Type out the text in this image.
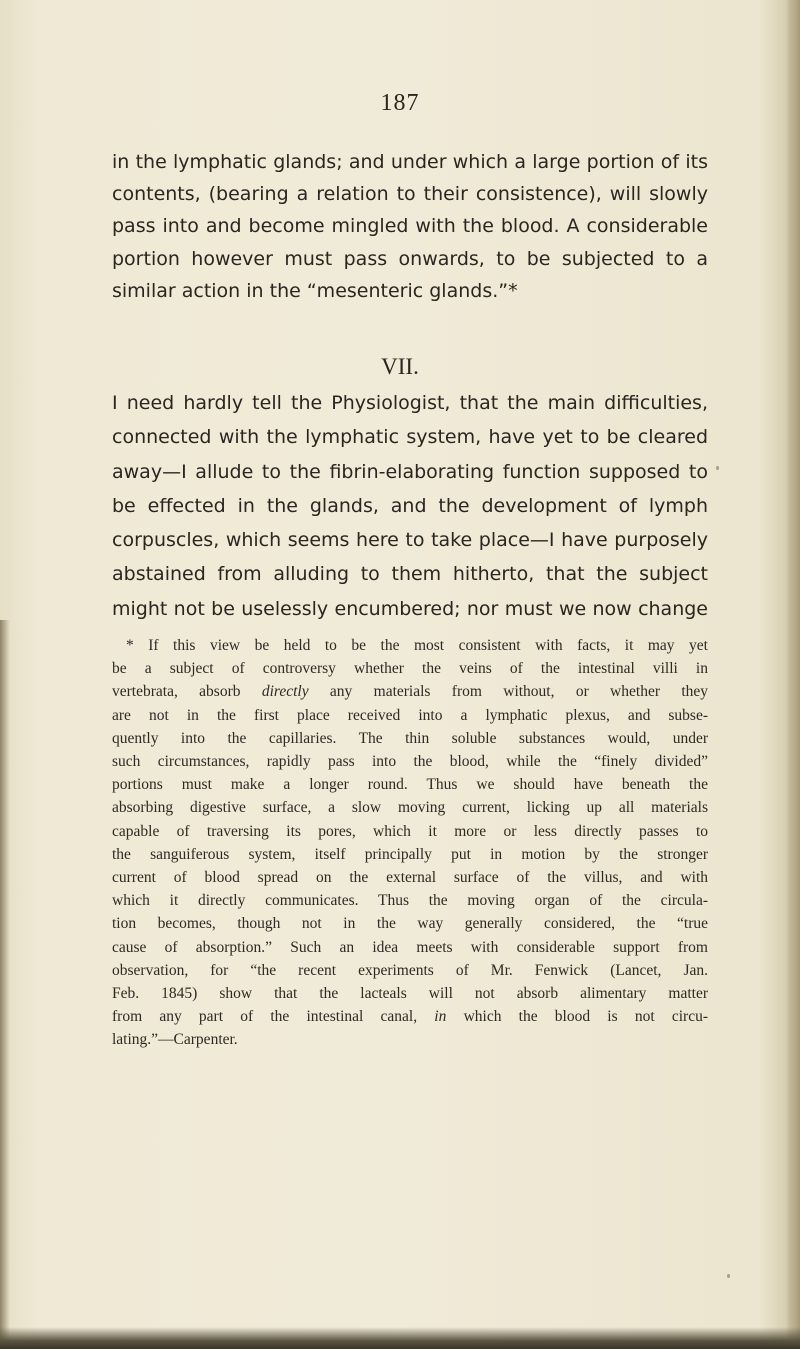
187
in the lymphatic glands; and under which a large portion of its
contents, (bearing a relation to their consistence), will slowly
pass into and become mingled with the blood. A considerable
portion however must pass onwards, to be subjected to a
similar action in the “mesenteric glands.”*
VII.
I need hardly tell the Physiologist, that the main difficulties,
connected with the lymphatic system, have yet to be cleared
away—I allude to the fibrin-elaborating function supposed to
be effected in the glands, and the development of lymph
corpuscles, which seems here to take place—I have purposely
abstained from alluding to them hitherto, that the subject
might not be uselessly encumbered; nor must we now change
* If this view be held to be the most consistent with facts, it may yet
be a subject of controversy whether the veins of the intestinal villi in
vertebrata, absorb directly any materials from without, or whether they
are not in the first place received into a lymphatic plexus, and subse-
quently into the capillaries. The thin soluble substances would, under
such circumstances, rapidly pass into the blood, while the “finely divided”
portions must make a longer round. Thus we should have beneath the
absorbing digestive surface, a slow moving current, licking up all materials
capable of traversing its pores, which it more or less directly passes to
the sanguiferous system, itself principally put in motion by the stronger
current of blood spread on the external surface of the villus, and with
which it directly communicates. Thus the moving organ of the circula-
tion becomes, though not in the way generally considered, the “true
cause of absorption.” Such an idea meets with considerable support from
observation, for “the recent experiments of Mr. Fenwick (Lancet, Jan.
Feb. 1845) show that the lacteals will not absorb alimentary matter
from any part of the intestinal canal, in which the blood is not circu-
lating.”—Carpenter.
